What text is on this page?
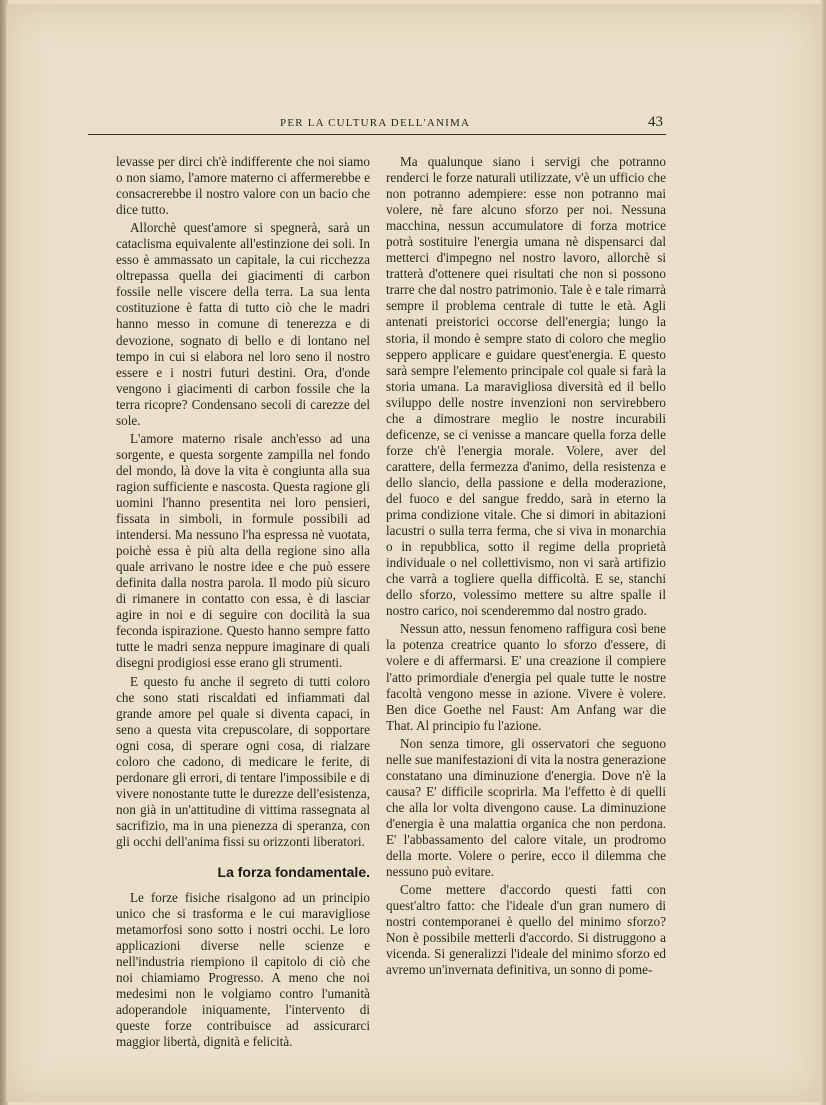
PER LA CULTURA DELL'ANIMA	43

levasse per dirci ch'è indifferente che noi siamo o non siamo, l'amore materno ci affermerebbe e consacrerebbe il nostro valore con un bacio che dice tutto.

Allorchè quest'amore si spegnerà, sarà un cataclisma equivalente all'estinzione dei soli. In esso è ammassato un capitale, la cui ricchezza oltrepassa quella dei giacimenti di carbon fossile nelle viscere della terra. La sua lenta costituzione è fatta di tutto ciò che le madri hanno messo in comune di tenerezza e di devozione, sognato di bello e di lontano nel tempo in cui si elabora nel loro seno il nostro essere e i nostri futuri destini. Ora, d'onde vengono i giacimenti di carbon fossile che la terra ricopre? Condensano secoli di carezze del sole.

L'amore materno risale anch'esso ad una sorgente, e questa sorgente zampilla nel fondo del mondo, là dove la vita è congiunta alla sua ragion sufficiente e nascosta. Questa ragione gli uomini l'hanno presentita nei loro pensieri, fissata in simboli, in formule possibili ad intendersi. Ma nessuno l'ha espressa nè vuotata, poichè essa è più alta della regione sino alla quale arrivano le nostre idee e che può essere definita dalla nostra parola. Il modo più sicuro di rimanere in contatto con essa, è di lasciar agire in noi e di seguire con docilità la sua feconda ispirazione. Questo hanno sempre fatto tutte le madri senza neppure imaginare di quali disegni prodigiosi esse erano gli strumenti.

E questo fu anche il segreto di tutti coloro che sono stati riscaldati ed infiammati dal grande amore pel quale si diventa capaci, in seno a questa vita crepuscolare, di sopportare ogni cosa, di sperare ogni cosa, di rialzare coloro che cadono, di medicare le ferite, di perdonare gli errori, di tentare l'impossibile e di vivere nonostante tutte le durezze dell'esistenza, non già in un'attitudine di vittima rassegnata al sacrifizio, ma in una pienezza di speranza, con gli occhi dell'anima fissi su orizzonti liberatori.

La forza fondamentale.

Le forze fisiche risalgono ad un principio unico che si trasforma e le cui maravigliose metamorfosi sono sotto i nostri occhi. Le loro applicazioni diverse nelle scienze e nell'industria riempiono il capitolo di ciò che noi chiamiamo Progresso. A meno che noi medesimi non le volgiamo contro l'umanità adoperandole iniquamente, l'intervento di queste forze contribuisce ad assicurarci maggior libertà, dignità e felicità.

Ma qualunque siano i servigi che potranno renderci le forze naturali utilizzate, v'è un ufficio che non potranno adempiere: esse non potranno mai volere, nè fare alcuno sforzo per noi. Nessuna macchina, nessun accumulatore di forza motrice potrà sostituire l'energia umana nè dispensarci dal metterci d'impegno nel nostro lavoro, allorchè si tratterà d'ottenere quei risultati che non si possono trarre che dal nostro patrimonio. Tale è e tale rimarrà sempre il problema centrale di tutte le età. Agli antenati preistorici occorse dell'energia; lungo la storia, il mondo è sempre stato di coloro che meglio seppero applicare e guidare quest'energia. E questo sarà sempre l'elemento principale col quale si farà la storia umana. La maravigliosa diversità ed il bello sviluppo delle nostre invenzioni non servirebbero che a dimostrare meglio le nostre incurabili deficenze, se ci venisse a mancare quella forza delle forze ch'è l'energia morale. Volere, aver del carattere, della fermezza d'animo, della resistenza e dello slancio, della passione e della moderazione, del fuoco e del sangue freddo, sarà in eterno la prima condizione vitale. Che si dimori in abitazioni lacustri o sulla terra ferma, che si viva in monarchia o in repubblica, sotto il regime della proprietà individuale o nel collettivismo, non vi sarà artifizio che varrà a togliere quella difficoltà. E se, stanchi dello sforzo, volessimo mettere su altre spalle il nostro carico, noi scenderemmo dal nostro grado.

Nessun atto, nessun fenomeno raffigura così bene la potenza creatrice quanto lo sforzo d'essere, di volere e di affermarsi. E' una creazione il compiere l'atto primordiale d'energia pel quale tutte le nostre facoltà vengono messe in azione. Vivere è volere. Ben dice Goethe nel Faust: Am Anfang war die That. Al principio fu l'azione.

Non senza timore, gli osservatori che seguono nelle sue manifestazioni di vita la nostra generazione constatano una diminuzione d'energia. Dove n'è la causa? E' difficile scoprirla. Ma l'effetto è di quelli che alla lor volta divengono cause. La diminuzione d'energia è una malattia organica che non perdona. E' l'abbassamento del calore vitale, un prodromo della morte. Volere o perire, ecco il dilemma che nessuno può evitare.

Come mettere d'accordo questi fatti con quest'altro fatto: che l'ideale d'un gran numero di nostri contemporanei è quello del minimo sforzo? Non è possibile metterli d'accordo. Si distruggono a vicenda. Si generalizzi l'ideale del minimo sforzo ed avremo un'invernata definitiva, un sonno di pome-
